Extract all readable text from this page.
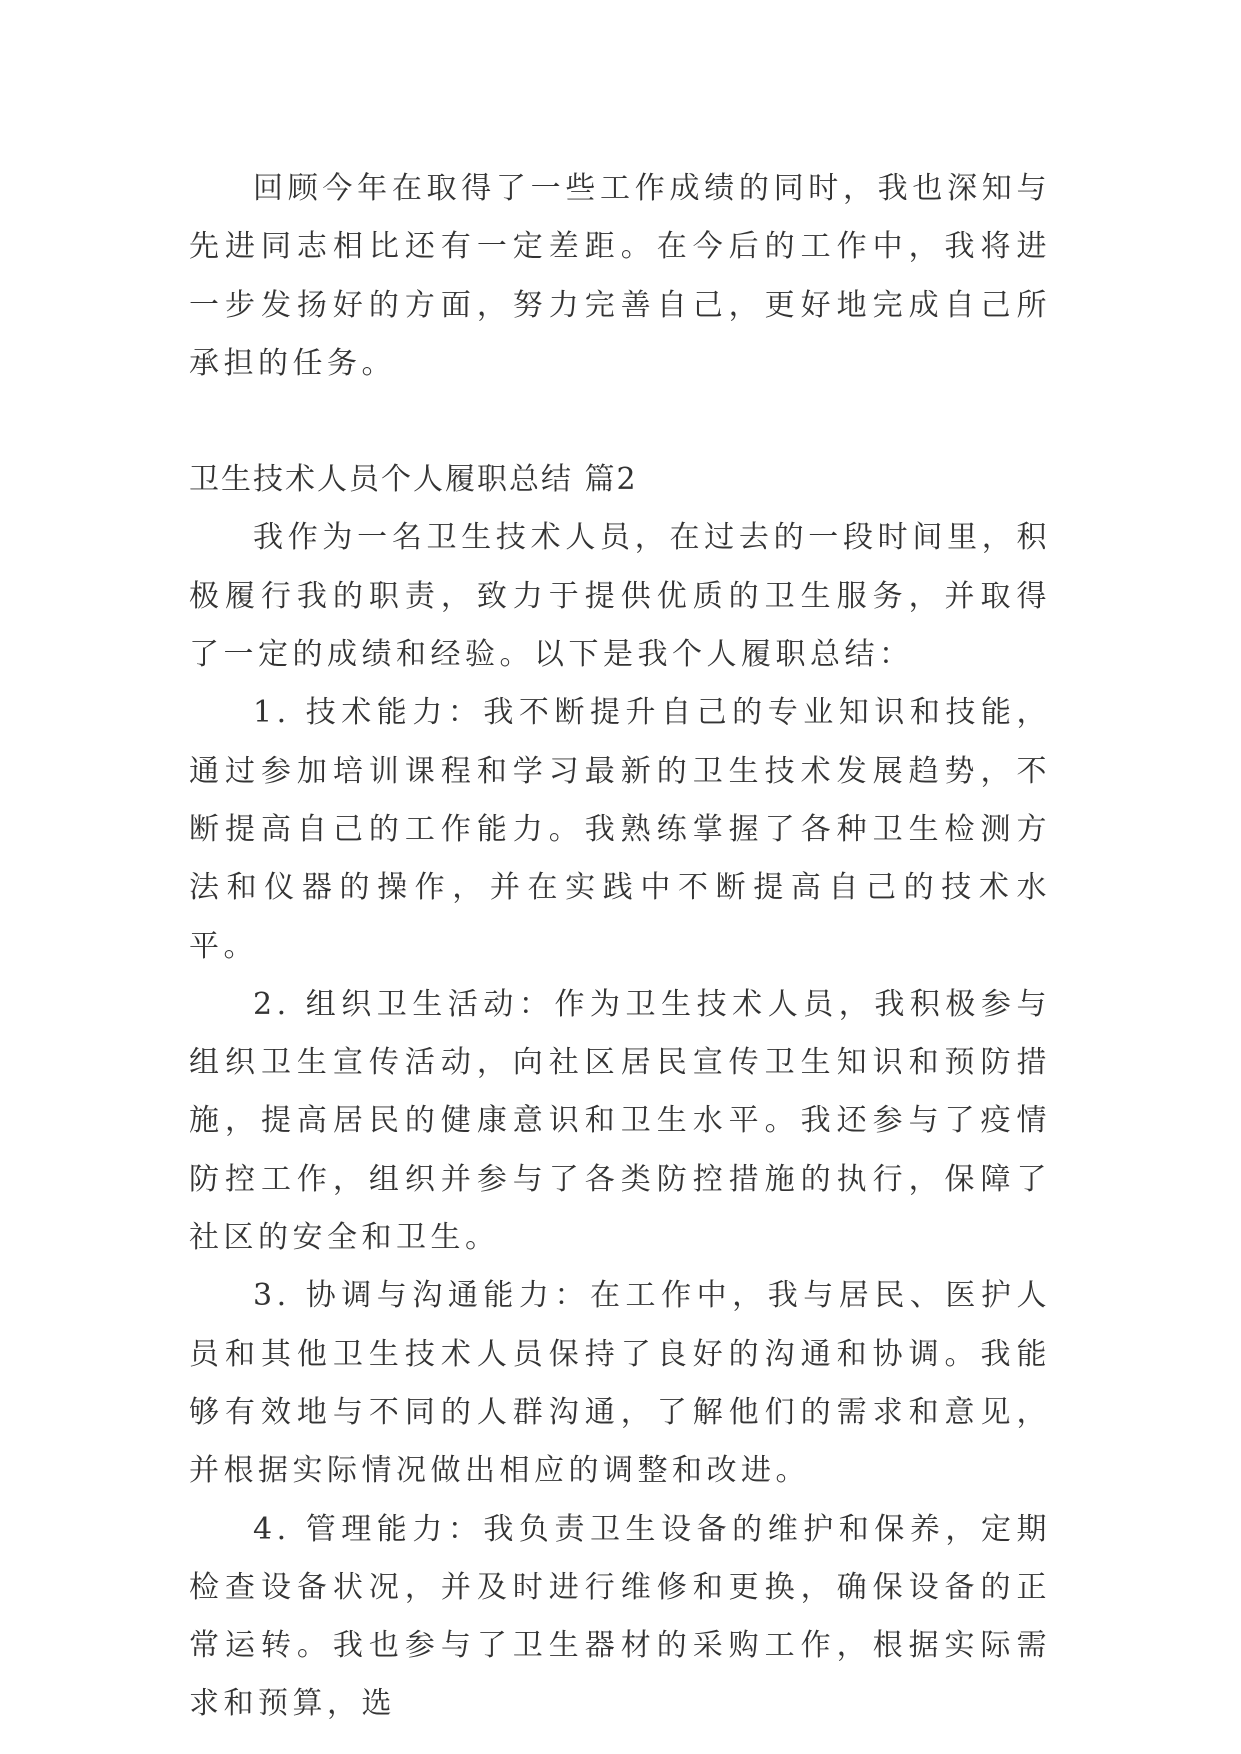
回顾今年在取得了一些工作成绩的同时，我也深知与先进同志相比还有一定差距。在今后的工作中，我将进一步发扬好的方面，努力完善自己，更好地完成自己所承担的任务。

卫生技术人员个人履职总结 篇2

我作为一名卫生技术人员，在过去的一段时间里，积极履行我的职责，致力于提供优质的卫生服务，并取得了一定的成绩和经验。以下是我个人履职总结：

1. 技术能力：我不断提升自己的专业知识和技能，通过参加培训课程和学习最新的卫生技术发展趋势，不断提高自己的工作能力。我熟练掌握了各种卫生检测方法和仪器的操作，并在实践中不断提高自己的技术水平。

2. 组织卫生活动：作为卫生技术人员，我积极参与组织卫生宣传活动，向社区居民宣传卫生知识和预防措施，提高居民的健康意识和卫生水平。我还参与了疫情防控工作，组织并参与了各类防控措施的执行，保障了社区的安全和卫生。

3. 协调与沟通能力：在工作中，我与居民、医护人员和其他卫生技术人员保持了良好的沟通和协调。我能够有效地与不同的人群沟通，了解他们的需求和意见，并根据实际情况做出相应的调整和改进。

4. 管理能力：我负责卫生设备的维护和保养，定期检查设备状况，并及时进行维修和更换，确保设备的正常运转。我也参与了卫生器材的采购工作，根据实际需求和预算，选
